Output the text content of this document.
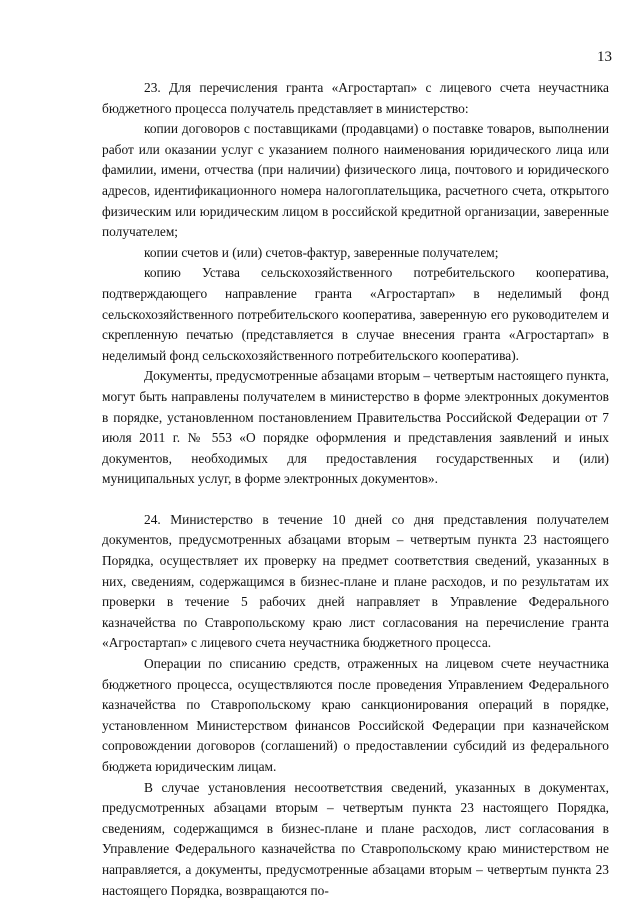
13

23. Для перечисления гранта «Агростартап» с лицевого счета неучастника бюджетного процесса получатель представляет в министерство:

копии договоров с поставщиками (продавцами) о поставке товаров, выполнении работ или оказании услуг с указанием полного наименования юридического лица или фамилии, имени, отчества (при наличии) физического лица, почтового и юридического адресов, идентификационного номера налогоплательщика, расчетного счета, открытого физическим или юридическим лицом в российской кредитной организации, заверенные получателем;

копии счетов и (или) счетов-фактур, заверенные получателем;

копию Устава сельскохозяйственного потребительского кооператива, подтверждающего направление гранта «Агростартап» в неделимый фонд сельскохозяйственного потребительского кооператива, заверенную его руководителем и скрепленную печатью (представляется в случае внесения гранта «Агростартап» в неделимый фонд сельскохозяйственного потребительского кооператива).

Документы, предусмотренные абзацами вторым – четвертым настоящего пункта, могут быть направлены получателем в министерство в форме электронных документов в порядке, установленном постановлением Правительства Российской Федерации от 7 июля 2011 г. № 553 «О порядке оформления и представления заявлений и иных документов, необходимых для предоставления государственных и (или) муниципальных услуг, в форме электронных документов».

24. Министерство в течение 10 дней со дня представления получателем документов, предусмотренных абзацами вторым – четвертым пункта 23 настоящего Порядка, осуществляет их проверку на предмет соответствия сведений, указанных в них, сведениям, содержащимся в бизнес-плане и плане расходов, и по результатам их проверки в течение 5 рабочих дней направляет в Управление Федерального казначейства по Ставропольскому краю лист согласования на перечисление гранта «Агростартап» с лицевого счета неучастника бюджетного процесса.

Операции по списанию средств, отраженных на лицевом счете неучастника бюджетного процесса, осуществляются после проведения Управлением Федерального казначейства по Ставропольскому краю санкционирования операций в порядке, установленном Министерством финансов Российской Федерации при казначейском сопровождении договоров (соглашений) о предоставлении субсидий из федерального бюджета юридическим лицам.

В случае установления несоответствия сведений, указанных в документах, предусмотренных абзацами вторым – четвертым пункта 23 настоящего Порядка, сведениям, содержащимся в бизнес-плане и плане расходов, лист согласования в Управление Федерального казначейства по Ставропольскому краю министерством не направляется, а документы, предусмотренные абзацами вторым – четвертым пункта 23 настоящего Порядка, возвращаются по-
